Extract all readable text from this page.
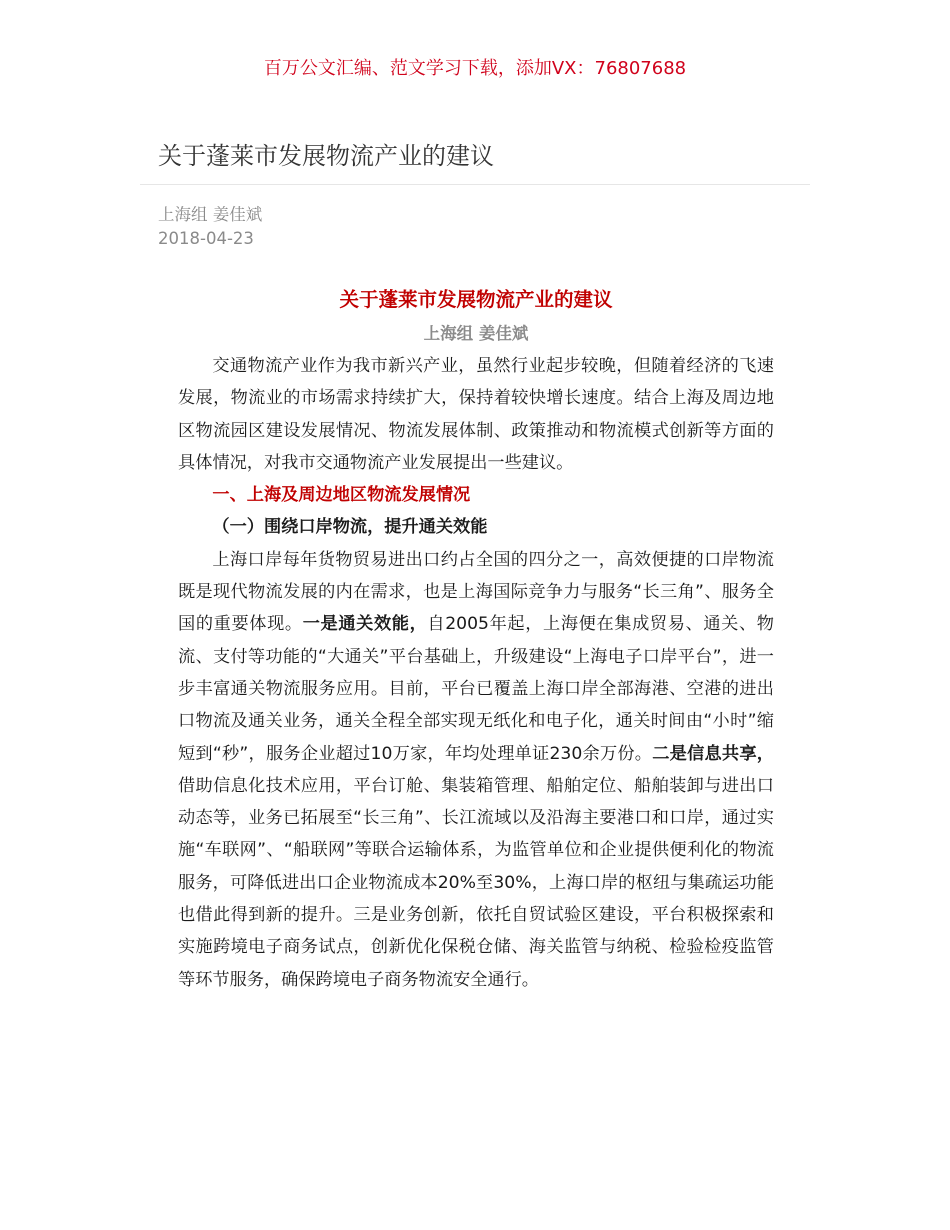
百万公文汇编、范文学习下载，添加VX：76807688
关于蓬莱市发展物流产业的建议
上海组 姜佳斌
2018-04-23
关于蓬莱市发展物流产业的建议
上海组 姜佳斌

交通物流产业作为我市新兴产业，虽然行业起步较晚，但随着经济的飞速发展，物流业的市场需求持续扩大，保持着较快增长速度。结合上海及周边地区物流园区建设发展情况、物流发展体制、政策推动和物流模式创新等方面的具体情况，对我市交通物流产业发展提出一些建议。

一、上海及周边地区物流发展情况
（一）围绕口岸物流，提升通关效能

上海口岸每年货物贸易进出口约占全国的四分之一，高效便捷的口岸物流既是现代物流发展的内在需求，也是上海国际竞争力与服务“长三角”、服务全国的重要体现。一是通关效能，自2005年起，上海便在集成贸易、通关、物流、支付等功能的“大通关”平台基础上，升级建设“上海电子口岸平台”，进一步丰富通关物流服务应用。目前，平台已覆盖上海口岸全部海港、空港的进出口物流及通关业务，通关全程全部实现无纸化和电子化，通关时间由“小时”缩短到“秒”，服务企业超过10万家，年均处理单证230余万份。二是信息共享，借助信息化技术应用，平台订舱、集装箱管理、船舶定位、船舶装卸与进出口动态等，业务已拓展至“长三角”、长江流域以及沿海主要港口和口岸，通过实施“车联网”、“船联网”等联合运输体系，为监管单位和企业提供便利化的物流服务，可降低进出口企业物流成本20%至30%，上海口岸的枢纽与集疏运功能也借此得到新的提升。三是业务创新，依托自贸试验区建设，平台积极探索和实施跨境电子商务试点，创新优化保税仓储、海关监管与纳税、检验检疫监管等环节服务，确保跨境电子商务物流安全通行。
